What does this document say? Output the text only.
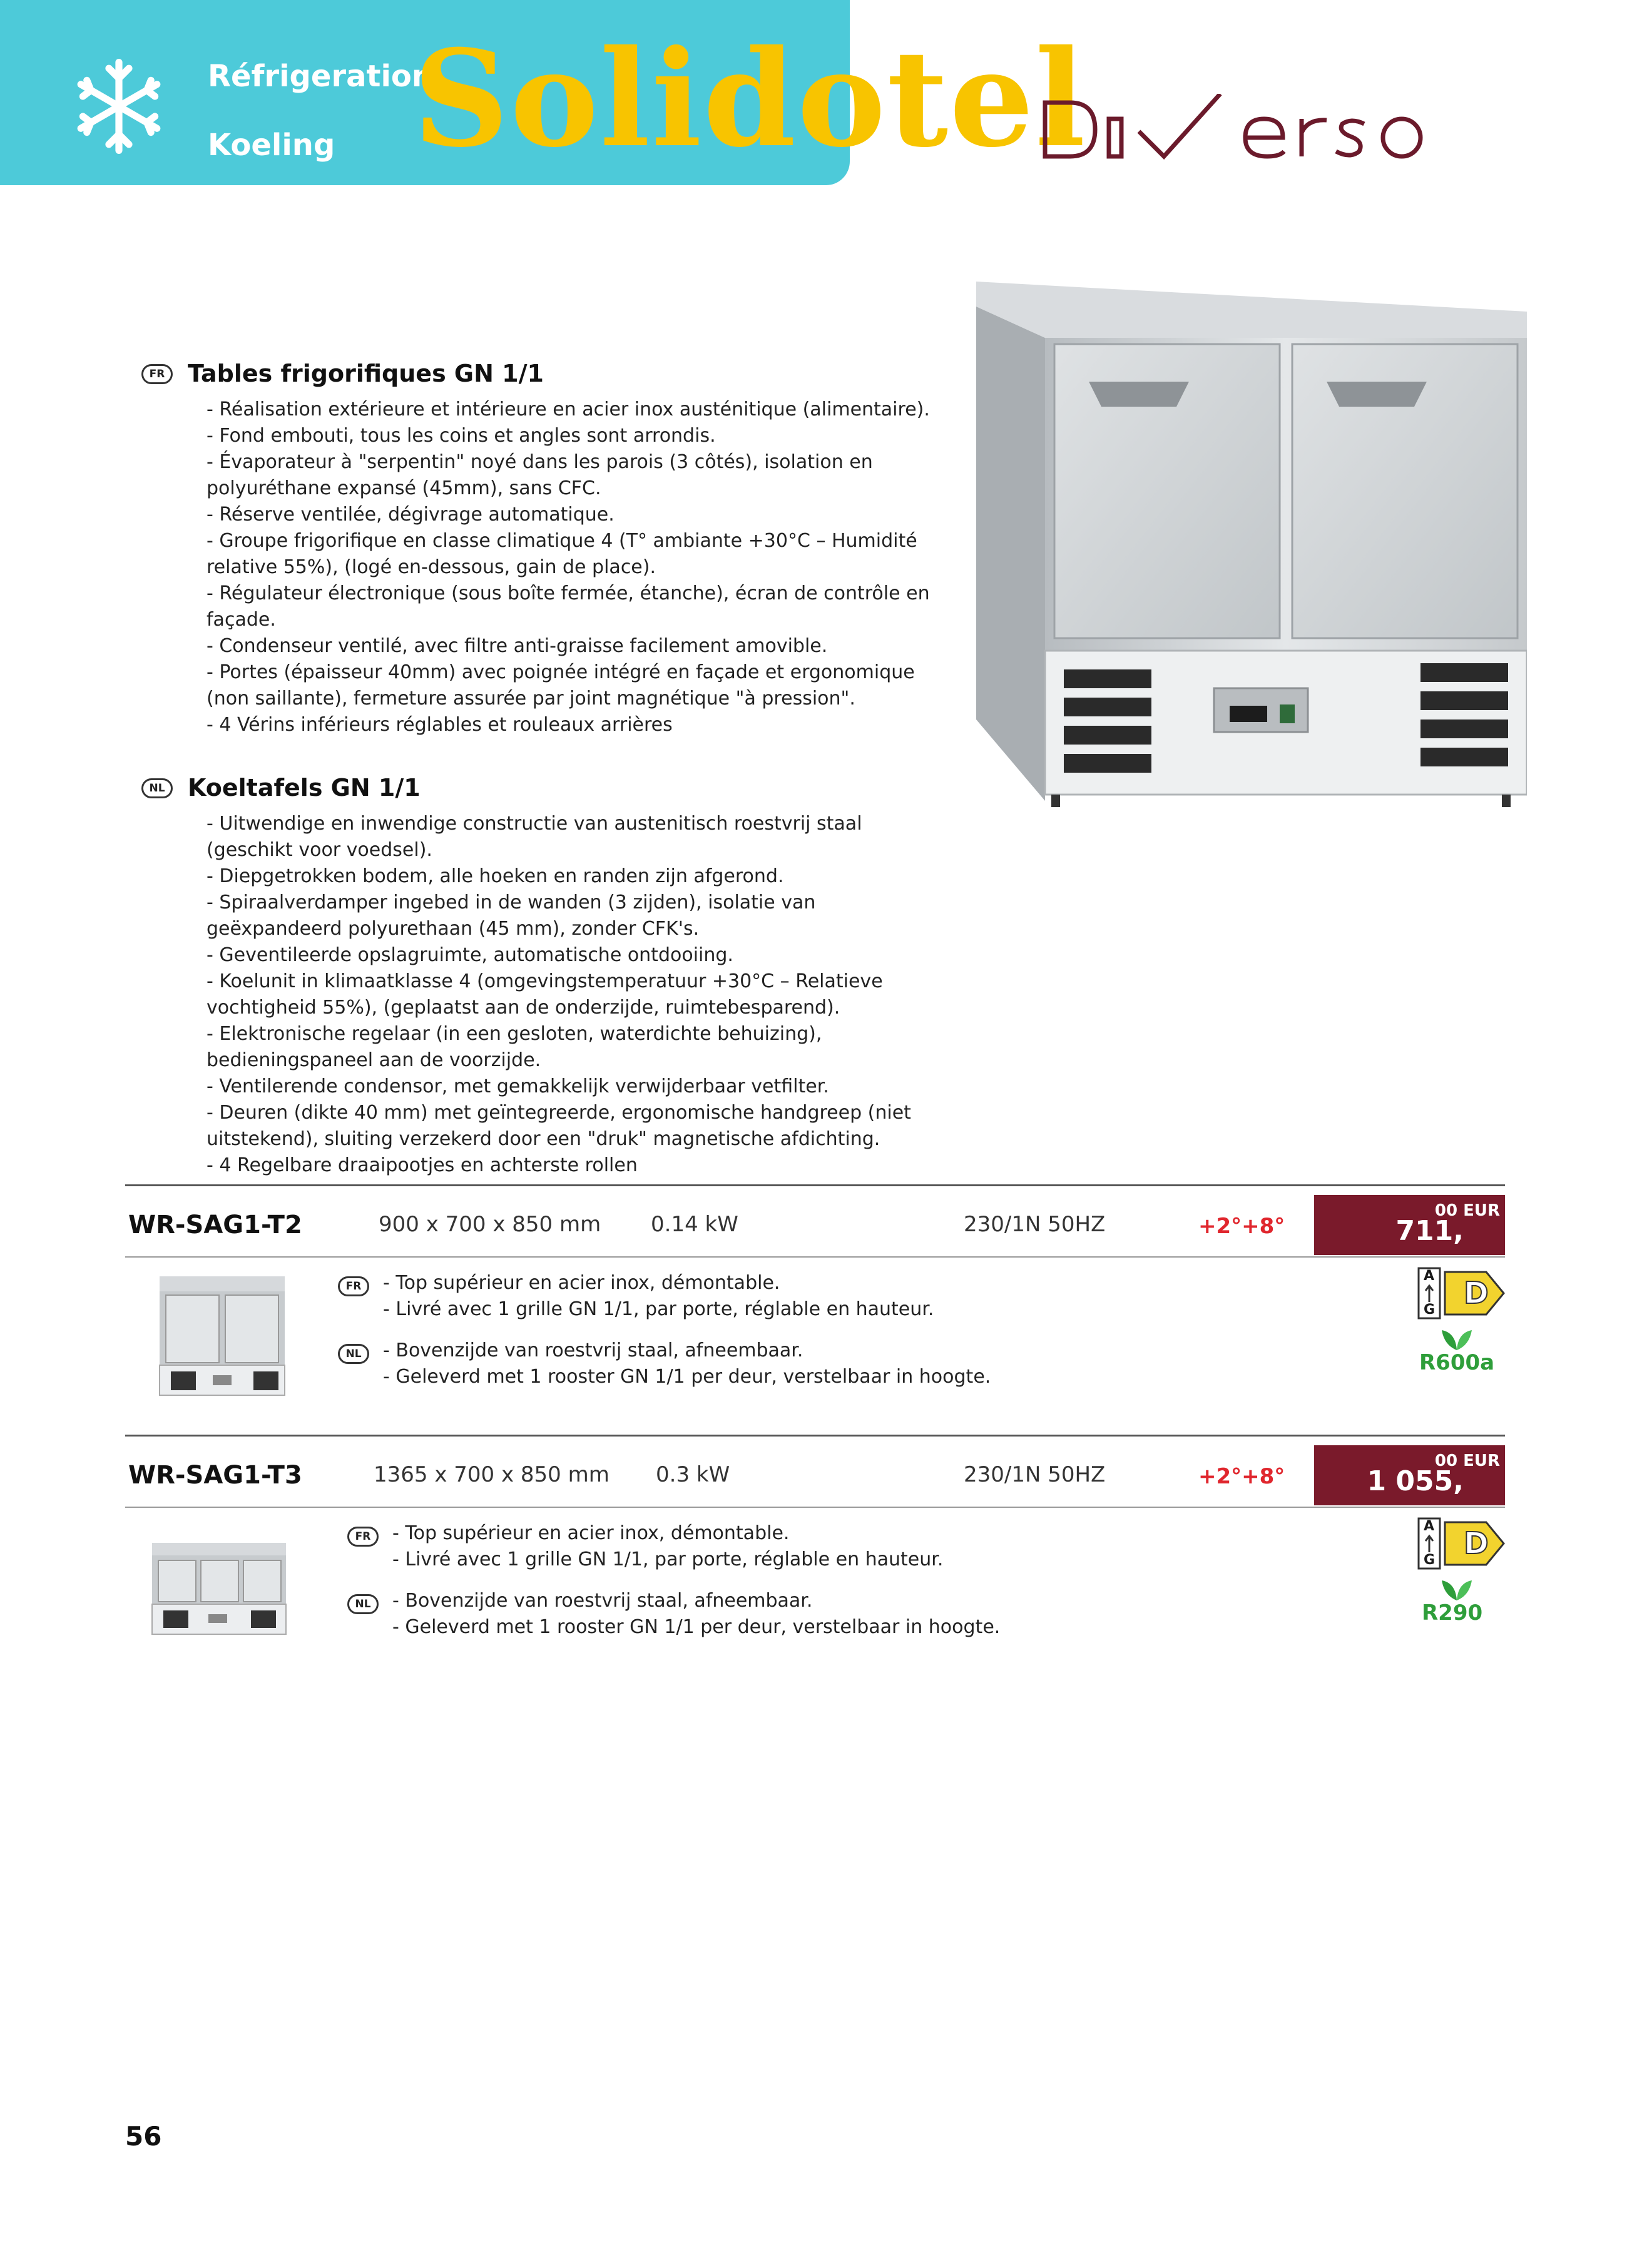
Réfrigeration
Koeling Solidotel
FR Tables frigorifiques GN 1/1
- Réalisation extérieure et intérieure en acier inox austénitique (alimentaire).
- Fond embouti, tous les coins et angles sont arrondis.
- Évaporateur à "serpentin" noyé dans les parois (3 côtés), isolation en
polyuréthane expansé (45mm), sans CFC.
- Réserve ventilée, dégivrage automatique.
- Groupe frigorifique en classe climatique 4 (T° ambiante +30°C – Humidité
relative 55%), (logé en-dessous, gain de place).
- Régulateur électronique (sous boîte fermée, étanche), écran de contrôle en
façade.
- Condenseur ventilé, avec filtre anti-graisse facilement amovible.
- Portes (épaisseur 40mm) avec poignée intégré en façade et ergonomique
(non saillante), fermeture assurée par joint magnétique "à pression".
- 4 Vérins inférieurs réglables et rouleaux arrières
NL Koeltafels GN 1/1
- Uitwendige en inwendige constructie van austenitisch roestvrij staal
(geschikt voor voedsel).
- Diepgetrokken bodem, alle hoeken en randen zijn afgerond.
- Spiraalverdamper ingebed in de wanden (3 zijden), isolatie van
geëxpandeerd polyurethaan (45 mm), zonder CFK's.
- Geventileerde opslagruimte, automatische ontdooiing.
- Koelunit in klimaatklasse 4 (omgevingstemperatuur +30°C – Relatieve
vochtigheid 55%), (geplaatst aan de onderzijde, ruimtebesparend).
- Elektronische regelaar (in een gesloten, waterdichte behuizing),
bedieningspaneel aan de voorzijde.
- Ventilerende condensor, met gemakkelijk verwijderbaar vetfilter.
- Deuren (dikte 40 mm) met geïntegreerde, ergonomische handgreep (niet
uitstekend), sluiting verzekerd door een "druk" magnetische afdichting.
- 4 Regelbare draaipootjes en achterste rollen
WR-SAG1-T2	900 x 700 x 850 mm 0.14 kW	230/1N 50HZ	+2°+8°	711,
00 EUR
FR	- Top supérieur en acier inox, démontable.
- Livré avec 1 grille GN 1/1, par porte, réglable en hauteur.
NL	- Bovenzijde van roestvrij staal, afneembaar.
- Geleverd met 1 rooster GN 1/1 per deur, verstelbaar in hoogte.
A
G D
R600a
WR-SAG1-T3	1365 x 700 x 850 mm 0.3 kW	230/1N 50HZ	+2°+8°	1 055,
00 EUR
FR	- Top supérieur en acier inox, démontable.
- Livré avec 1 grille GN 1/1, par porte, réglable en hauteur.
NL	- Bovenzijde van roestvrij staal, afneembaar.
- Geleverd met 1 rooster GN 1/1 per deur, verstelbaar in hoogte.
A
G D
R290
56
